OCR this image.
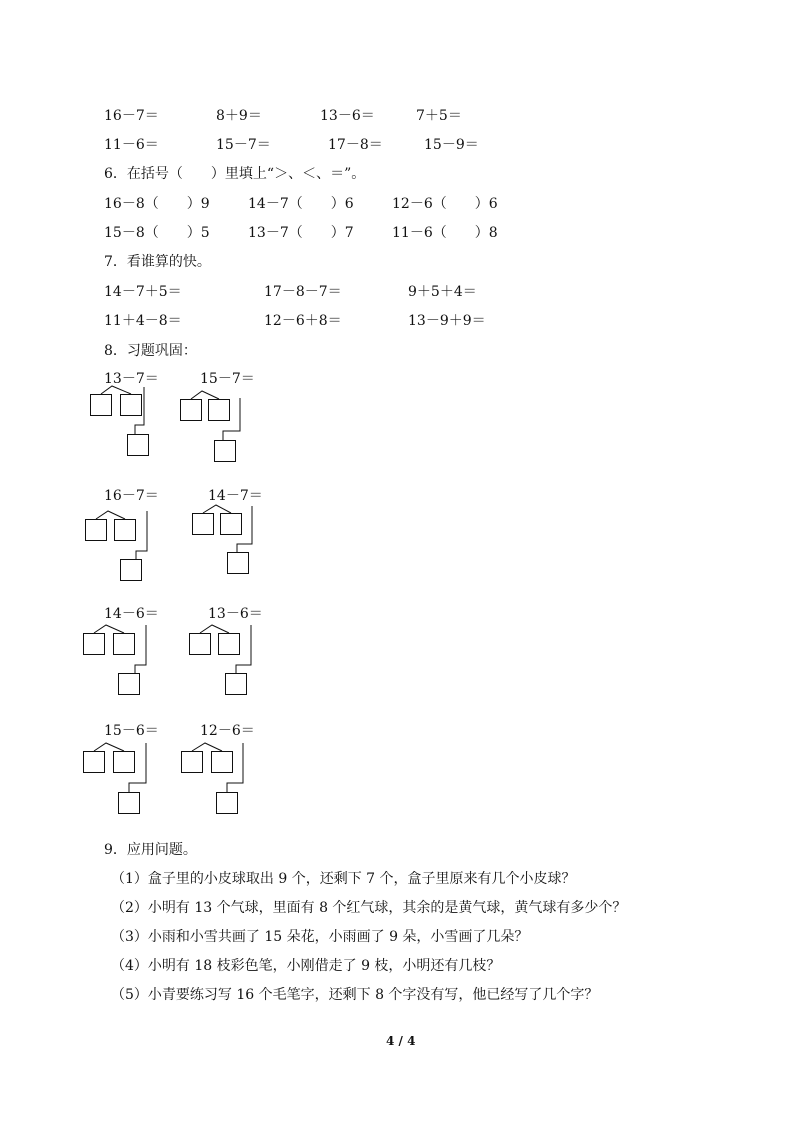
16－7＝	8＋9＝	13－6＝	7＋5＝
11－6＝	15－7＝	17－8＝	15－9＝
6．在括号（　　）里填上“＞、＜、＝”。
16－8（　　）9	14－7（　　）6	12－6（　　）6
15－8（　　）5	13－7（　　）7	11－6（　　）8
7．看谁算的快。
14－7＋5＝	17－8－7＝	9＋5＋4＝
11＋4－8＝	12－6＋8＝	13－9＋9＝
8．习题巩固：
13－7＝	15－7＝
16－7＝	14－7＝
14－6＝	13－6＝
15－6＝	12－6＝
9．应用问题。
（1）盒子里的小皮球取出 9 个，还剩下 7 个，盒子里原来有几个小皮球？
（2）小明有 13 个气球，里面有 8 个红气球，其余的是黄气球，黄气球有多少个？
（3）小雨和小雪共画了 15 朵花，小雨画了 9 朵，小雪画了几朵？
（4）小明有 18 枝彩色笔，小刚借走了 9 枝，小明还有几枝？
（5）小青要练习写 16 个毛笔字，还剩下 8 个字没有写，他已经写了几个字？
4 / 4
